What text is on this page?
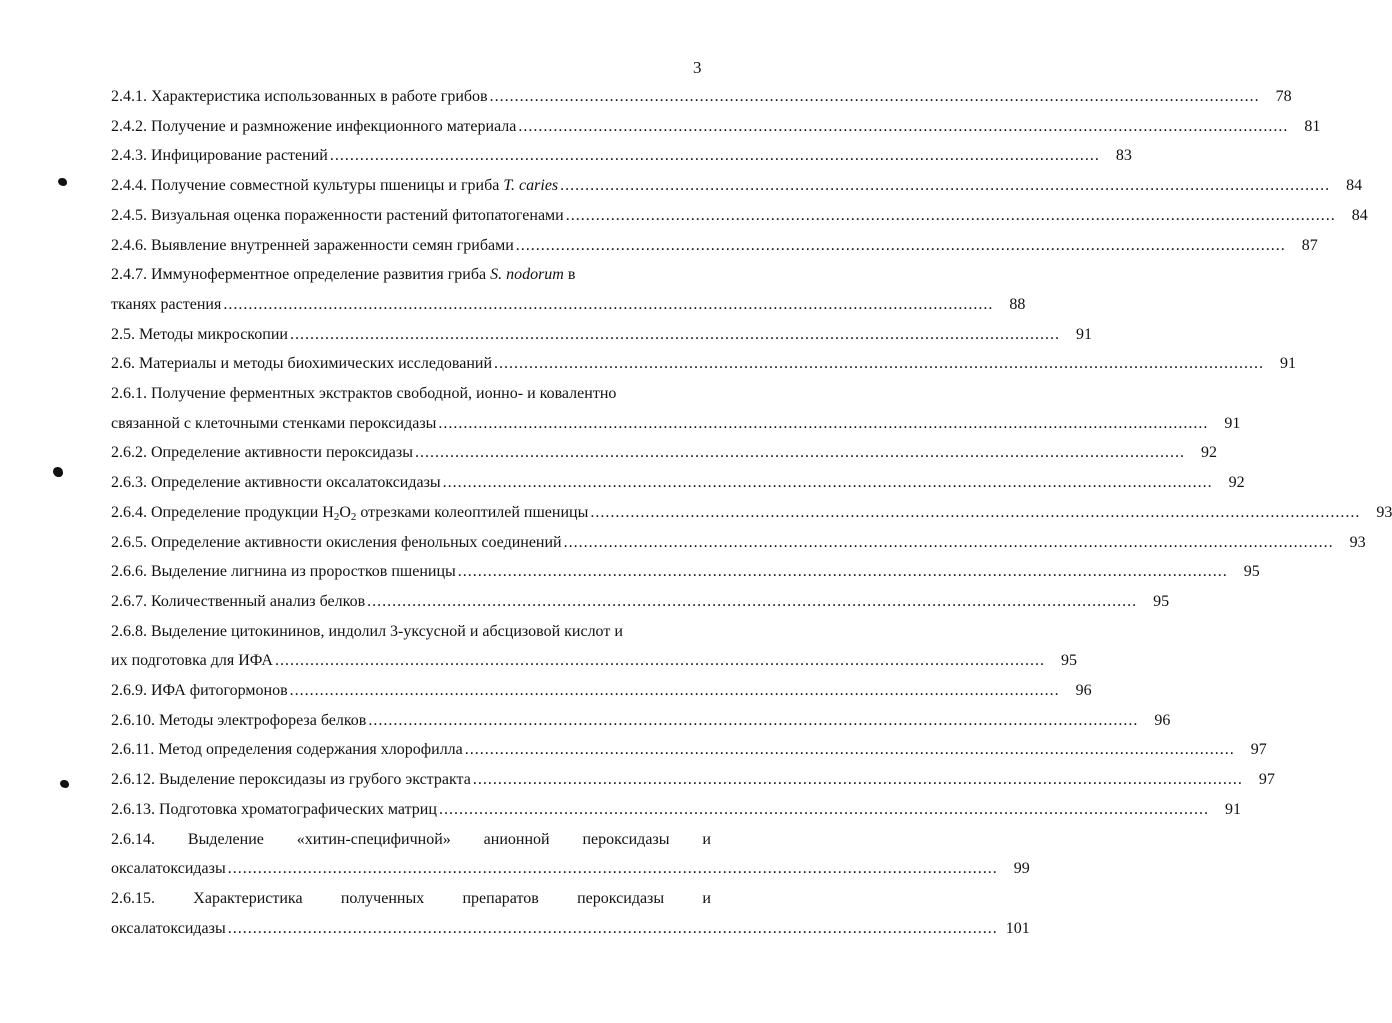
3
2.4.1. Характеристика использованных в работе грибов ..........................................................................................................................................................	78
2.4.2. Получение и размножение инфекционного материала ..........................................................................................................................................................	81
2.4.3. Инфицирование растений ..........................................................................................................................................................	83
2.4.4. Получение совместной культуры пшеницы и гриба T. caries ..........................................................................................................................................................	84
2.4.5. Визуальная оценка пораженности растений фитопатогенами ..........................................................................................................................................................	84
2.4.6. Выявление внутренней зараженности семян грибами ..........................................................................................................................................................	87
2.4.7. Иммуноферментное определение развития гриба S. nodorum в
тканях растения ..........................................................................................................................................................	88
2.5. Методы микроскопии ..........................................................................................................................................................	91
2.6. Материалы и методы биохимических исследований ..........................................................................................................................................................	91
2.6.1. Получение ферментных экстрактов свободной, ионно- и ковалентно
связанной с клеточными стенками пероксидазы ..........................................................................................................................................................	91
2.6.2. Определение активности пероксидазы ..........................................................................................................................................................	92
2.6.3. Определение активности оксалатоксидазы ..........................................................................................................................................................	92
2.6.4. Определение продукции $H_2O_2$ отрезками колеоптилей пшеницы ..........................................................................................................................................................	93
2.6.5. Определение активности окисления фенольных соединений ..........................................................................................................................................................	93
2.6.6. Выделение лигнина из проростков пшеницы ..........................................................................................................................................................	95
2.6.7. Количественный анализ белков ..........................................................................................................................................................	95
2.6.8. Выделение цитокининов, индолил 3-уксусной и абсцизовой кислот и
их подготовка для ИФА ..........................................................................................................................................................	95
2.6.9. ИФА фитогормонов ..........................................................................................................................................................	96
2.6.10. Методы электрофореза белков ..........................................................................................................................................................	96
2.6.11. Метод определения содержания хлорофилла ..........................................................................................................................................................	97
2.6.12. Выделение пероксидазы из грубого экстракта ..........................................................................................................................................................	97
2.6.13. Подготовка хроматографических матриц ..........................................................................................................................................................	91
2.6.14. Выделение «хитин-специфичной» анионной пероксидазы и
оксалатоксидазы ..........................................................................................................................................................	99
2.6.15. Характеристика полученных препаратов пероксидазы и
оксалатоксидазы .......................................................................................................................................................... 101
